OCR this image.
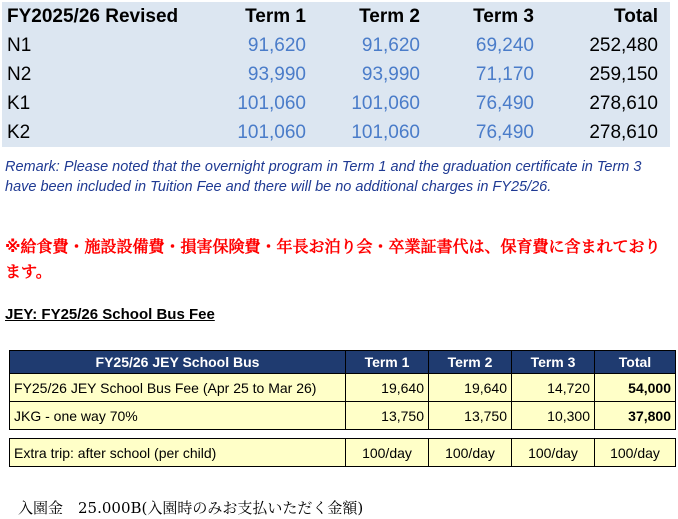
FY2025/26 Revised	Term 1	Term 2	Term 3	Total
N1	91,620	91,620	69,240	252,480
N2	93,990	93,990	71,170	259,150
K1	101,060	101,060	76,490	278,610
K2	101,060	101,060	76,490	278,610
Remark: Please noted that the overnight program in Term 1 and the graduation certificate in Term 3 have been included in Tuition Fee and there will be no additional charges in FY25/26.
※給食費・施設設備費・損害保険費・年長お泊り会・卒業証書代は、保育費に含まれております。
JEY: FY25/26 School Bus Fee
FY25/26 JEY School Bus	Term 1	Term 2	Term 3	Total
FY25/26 JEY School Bus Fee (Apr 25 to Mar 26)	19,640	19,640	14,720	54,000
JKG - one way 70%	13,750	13,750	10,300	37,800

Extra trip: after school (per child)	100/day	100/day	100/day	100/day
入園金　25.000B(入園時のみお支払いただく金額)
